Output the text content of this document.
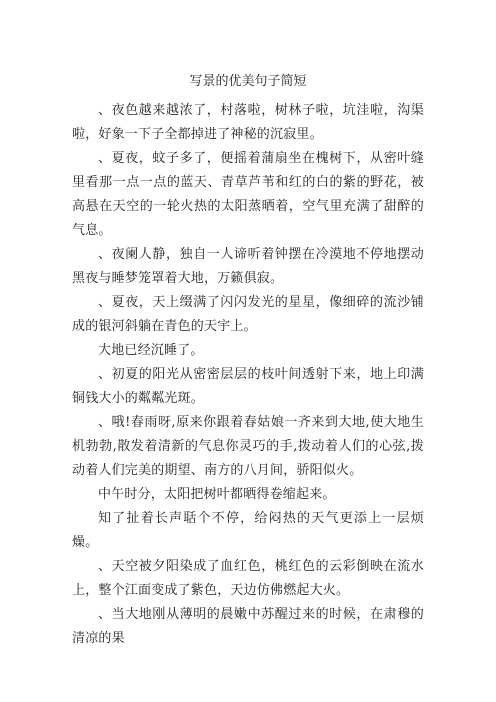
写景的优美句子简短

、夜色越来越浓了，村落啦，树林子啦，坑洼啦，沟渠啦，好象一下子全都掉进了神秘的沉寂里。

、夏夜，蚊子多了，便摇着蒲扇坐在槐树下，从密叶缝里看那一点一点的蓝天、青草芦苇和红的白的紫的野花，被高悬在天空的一轮火热的太阳蒸晒着，空气里充满了甜醉的气息。

、夜阑人静，独自一人谛听着钟摆在冷漠地不停地摆动黑夜与睡梦笼罩着大地，万籁俱寂。

、夏夜，天上缀满了闪闪发光的星星，像细碎的流沙铺成的银河斜躺在青色的天宇上。

大地已经沉睡了。

、初夏的阳光从密密层层的枝叶间透射下来，地上印满铜钱大小的粼粼光斑。

、哦!春雨呀,原来你跟着春姑娘一齐来到大地,使大地生机勃勃,散发着清新的气息你灵巧的手,拨动着人们的心弦,拨动着人们完美的期望、南方的八月间，骄阳似火。

中午时分，太阳把树叶都晒得卷缩起来。

知了扯着长声聒个不停，给闷热的天气更添上一层烦燥。

、天空被夕阳染成了血红色，桃红色的云彩倒映在流水上，整个江面变成了紫色，天边仿佛燃起大火。

、当大地刚从薄明的晨嫩中苏醒过来的时候，在肃穆的清凉的果
